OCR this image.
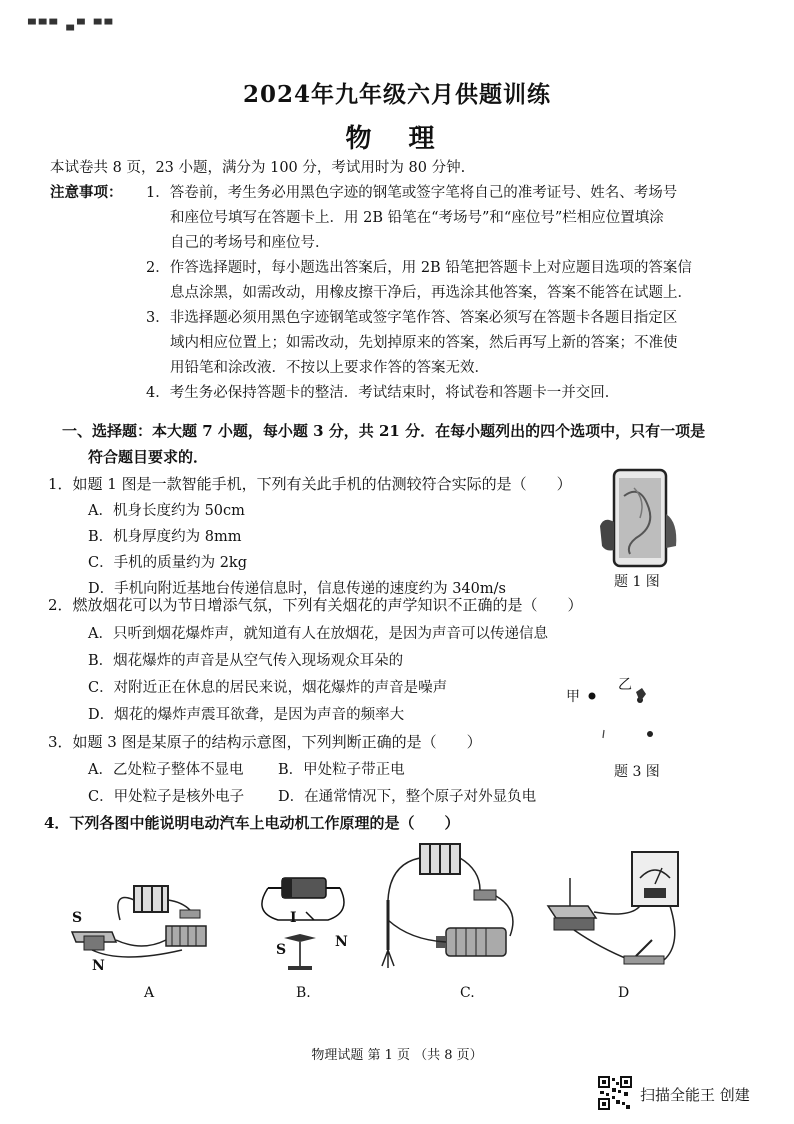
▀▀▀ ▄▀ ▀▀
2024年九年级六月供题训练
物 理
本试卷共 8 页，23 小题，满分为 100 分，考试用时为 80 分钟.
注意事项： 1．答卷前，考生务必用黑色字迹的钢笔或签字笔将自己的准考证号、姓名、考场号
和座位号填写在答题卡上．用 2B 铅笔在“考场号”和“座位号”栏相应位置填涂
自己的考场号和座位号．
2．作答选择题时，每小题选出答案后，用 2B 铅笔把答题卡上对应题目选项的答案信
息点涂黑，如需改动，用橡皮擦干净后，再选涂其他答案，答案不能答在试题上．
3．非选择题必须用黑色字迹钢笔或签字笔作答、答案必须写在答题卡各题目指定区
域内相应位置上；如需改动，先划掉原来的答案，然后再写上新的答案；不准使
用铅笔和涂改液．不按以上要求作答的答案无效．
4．考生务必保持答题卡的整洁．考试结束时，将试卷和答题卡一并交回．
一、选择题：本大题 7 小题，每小题 3 分，共 21 分．在每小题列出的四个选项中，只有一项是
符合题目要求的．
1．如题 1 图是一款智能手机，下列有关此手机的估测较符合实际的是（　　）
A．机身长度约为 50cm
B．机身厚度约为 8mm
C．手机的质量约为 2kg
D．手机向附近基地台传递信息时，信息传递的速度约为 340m/s	题 1 图
2．燃放烟花可以为节日增添气氛，下列有关烟花的声学知识不正确的是（　　）
A．只听到烟花爆炸声，就知道有人在放烟花，是因为声音可以传递信息
B．烟花爆炸的声音是从空气传入现场观众耳朵的
C．对附近正在休息的居民来说，烟花爆炸的声音是噪声
D．烟花的爆炸声震耳欲聋，是因为声音的频率大
3．如题 3 图是某原子的结构示意图，下列判断正确的是（　　）
A．乙处粒子整体不显电 B．甲处粒子带正电
C．甲处粒子是核外电子 D．在通常情况下，整个原子对外显负电
甲
乙
题 3 图
4．下列各图中能说明电动汽车上电动机工作原理的是（　　）
S
N
A
I
S	N
B.	C.	D
物理试题 第 1 页 （共 8 页）
扫描全能王 创建
